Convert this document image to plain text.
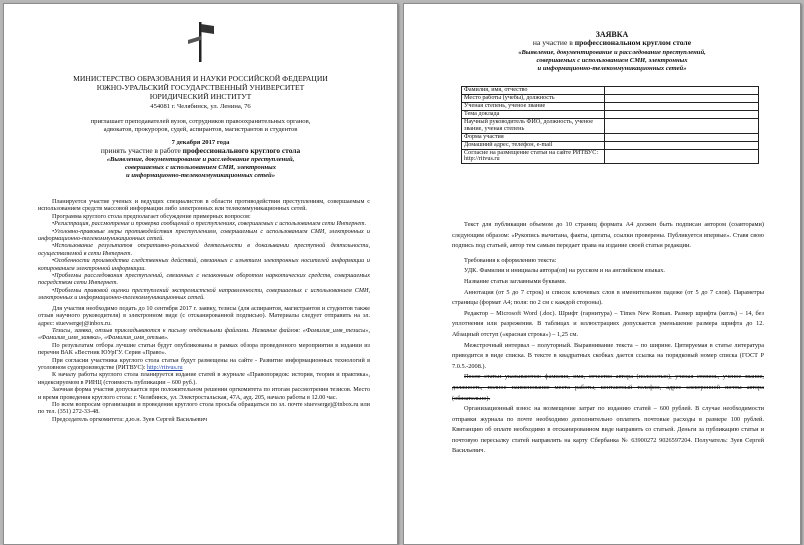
МИНИСТЕРСТВО ОБРАЗОВАНИЯ И НАУКИ РОССИЙСКОЙ ФЕДЕРАЦИИ
ЮЖНО-УРАЛЬСКИЙ ГОСУДАРСТВЕННЫЙ УНИВЕРСИТЕТ
ЮРИДИЧЕСКИЙ ИНСТИТУТ
454081 г. Челябинск, ул. Ленина, 76
приглашает преподавателей вузов, сотрудников правоохранительных органов,
адвокатов, прокуроров, судей, аспирантов, магистрантов и студентов
7 декабря 2017 года
принять участие в работе профессионального круглого стола
«Выявление, документирование и расследование преступлений,
совершаемых с использованием СМИ, электронных
и информационно-телекоммуникационных сетей»

Планируется участие ученых и ведущих специалистов в области противодействия преступлениям, совершаемым с использованием средств массовой информации либо электронных или телекоммуникационных сетей.

Программа круглого стола предполагает обсуждение примерных вопросов:

•Регистрация, рассмотрение и проверка сообщений о преступлениях, совершаемых с использованием сети Интернет.

•Уголовно-правовые меры противодействия преступлениям, совершаемым с использованием СМИ, электронных и информационно-телекоммуникационных сетей.

•Использование результатов оперативно-розыскной деятельности в доказывании преступной деятельности, осуществляемой в сети Интернет.

•Особенности производства следственных действий, связанных с изъятием электронных носителей информации и копированием электронной информации.

•Проблемы расследования преступлений, связанных с незаконным оборотом наркотических средств, совершаемых посредством сети Интернет.

•Проблемы правовой оценки преступлений экстремистской направленности, совершаемых с использованием СМИ, электронных и информационно-телекоммуникационных сетей.

Для участия необходимо подать до 10 сентября 2017 г. заявку, тезисы (для аспирантов, магистрантов и студентов также отзыв научного руководителя) в электронном виде (с отсканированной подписью). Материалы следует отправить на эл. адрес: stuevsergej@inbox.ru.

Тезисы, заявка, отзыв прикладываются к письму отдельными файлами. Название файлов: «Фамилия_имя_тезисы», «Фамилия_имя_заявка», «Фамилия_имя_отзыв».

По результатам отбора лучшие статьи будут опубликованы в рамках обзора проведенного мероприятия в издании из перечня ВАК «Вестник ЮУрГУ. Серия «Право».

При согласии участника круглого стола статьи будут размещены на сайте - Развитие информационных технологий в уголовном судопроизводстве (РИТВУС): http://ritvus.ru

К началу работы круглого стола планируется издание статей в журнале «Правопорядок: история, теория и практика», индексируемом в РИНЦ (стоимость публикации – 600 руб.).

Заочная форма участия допускается при положительном решении оргкомитета по итогам рассмотрения тезисов. Место и время проведения круглого стола: г. Челябинск, ул. Электростальская, 47А, ауд. 205, начало работы в 12.00 час.

По всем вопросам организации и проведения круглого стола просьба обращаться по эл. почте stuevsergej@inbox.ru или по тел. (351) 272-33-48.

Председатель оргкомитета: д.ю.н. Зуев Сергей Васильевич

ЗАЯВКА
на участие в профессиональном круглом столе
«Выявление, документирование и расследование преступлений,
совершаемых с использованием СМИ, электронных
и информационно-телекоммуникационных сетей»
Фамилия, имя, отчество	
Место работы (учебы), должность	
Ученая степень, ученое звание	
Тема доклада	
Научный руководитель ФИО, должность, ученое звание, ученая степень	
Форма участия	
Домашний адрес, телефон, e-mail	
Согласие на размещение статьи на сайте РИТВУС: http://ritvus.ru	

Текст для публикации объемом до 10 страниц формата А4 должен быть подписан автором (соавторами) следующим образом: «Рукопись вычитана, факты, цитаты, ссылки проверены. Публикуется впервые». Ставя свою подпись под статьей, автор тем самым передает права на издание своей статьи редакции.

Требования к оформлению текста:

УДК. Фамилии и инициалы автора(ов) на русском и на английском языках.

Название статьи заглавными буквами.

Аннотация (от 5 до 7 строк) и список ключевых слов в именительном падеже (от 5 до 7 слов). Параметры страницы (формат А4; поля: по 2 см с каждой стороны).

Редактор – Microsoft Word (.doc). Шрифт (гарнитура) – Times New Roman. Размер шрифта (кегль) – 14, без уплотнения или разрежения. В таблицах и иллюстрациях допускается уменьшение размера шрифта до 12. Абзацный отступ («красная строка») – 1,25 см.

Межстрочный интервал – полуторный. Выравнивание текста – по ширине. Цитируемая в статье литература приводится в виде списка. В тексте в квадратных скобках дается ссылка на порядковый номер списка (ГОСТ Р 7.0.5.-2008.).

После статьи указываются: фамилия, имя, отчество автора (полностью), ученая степень, ученое звание, должность, полное наименование места работы, контактный телефон, адрес электронной почты автора (обязательно).

Организационный взнос на возмещение затрат по изданию статей – 600 рублей. В случае необходимости отправки журнала по почте необходимо дополнительно оплатить почтовые расходы в размере 100 рублей. Квитанцию об оплате необходимо в отсканированном виде направить со статьей. Деньги за публикацию статьи и почтовую пересылку статей направлять на карту Сбербанка № 63900272 9026597204. Получатель: Зуев Сергей Васильевич.
